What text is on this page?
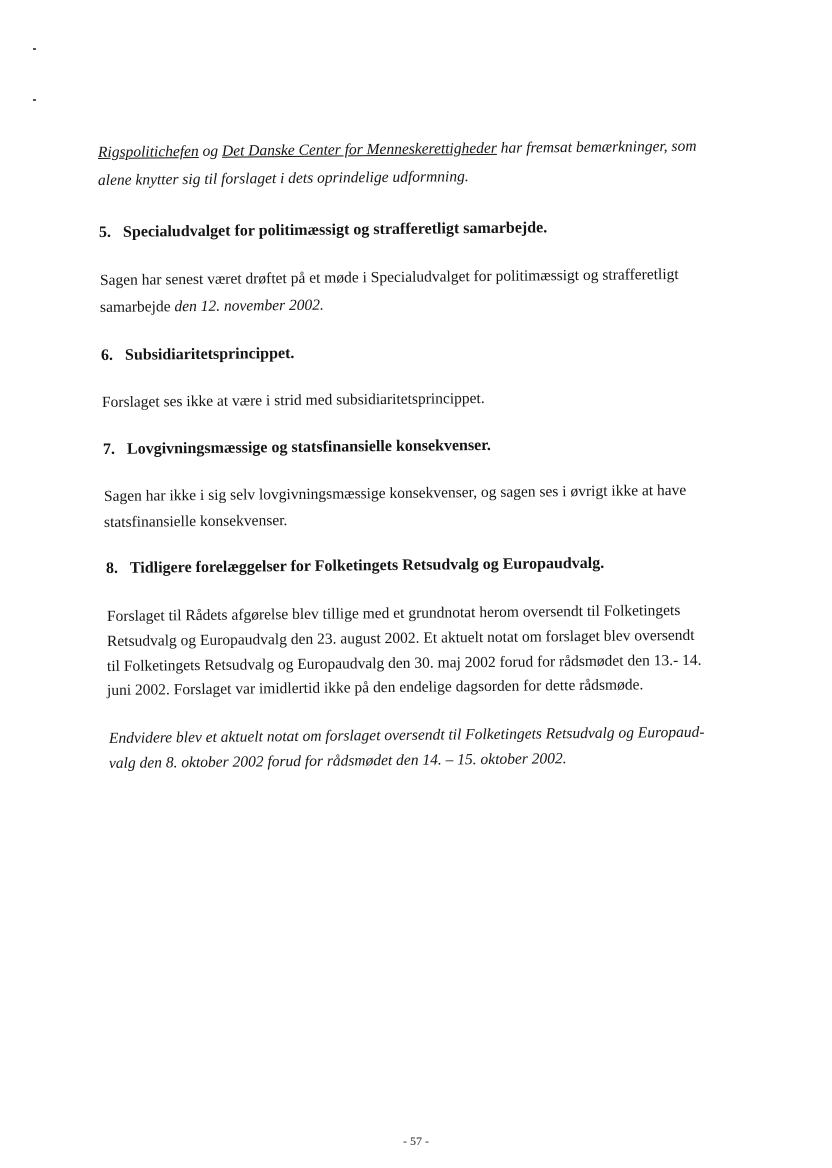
Rigspolitichefen og Det Danske Center for Menneskerettigheder har fremsat bemærkninger, som
alene knytter sig til forslaget i dets oprindelige udformning.
5. Specialudvalget for politimæssigt og strafferetligt samarbejde.
Sagen har senest været drøftet på et møde i Specialudvalget for politimæssigt og strafferetligt
samarbejde den 12. november 2002.
6. Subsidiaritetsprincippet.
Forslaget ses ikke at være i strid med subsidiaritetsprincippet.
7. Lovgivningsmæssige og statsfinansielle konsekvenser.
Sagen har ikke i sig selv lovgivningsmæssige konsekvenser, og sagen ses i øvrigt ikke at have
statsfinansielle konsekvenser.
8. Tidligere forelæggelser for Folketingets Retsudvalg og Europaudvalg.
Forslaget til Rådets afgørelse blev tillige med et grundnotat herom oversendt til Folketingets
Retsudvalg og Europaudvalg den 23. august 2002. Et aktuelt notat om forslaget blev oversendt
til Folketingets Retsudvalg og Europaudvalg den 30. maj 2002 forud for rådsmødet den 13.- 14.
juni 2002. Forslaget var imidlertid ikke på den endelige dagsorden for dette rådsmøde.
Endvidere blev et aktuelt notat om forslaget oversendt til Folketingets Retsudvalg og Europaud-
valg den 8. oktober 2002 forud for rådsmødet den 14. – 15. oktober 2002.
- 57 -
